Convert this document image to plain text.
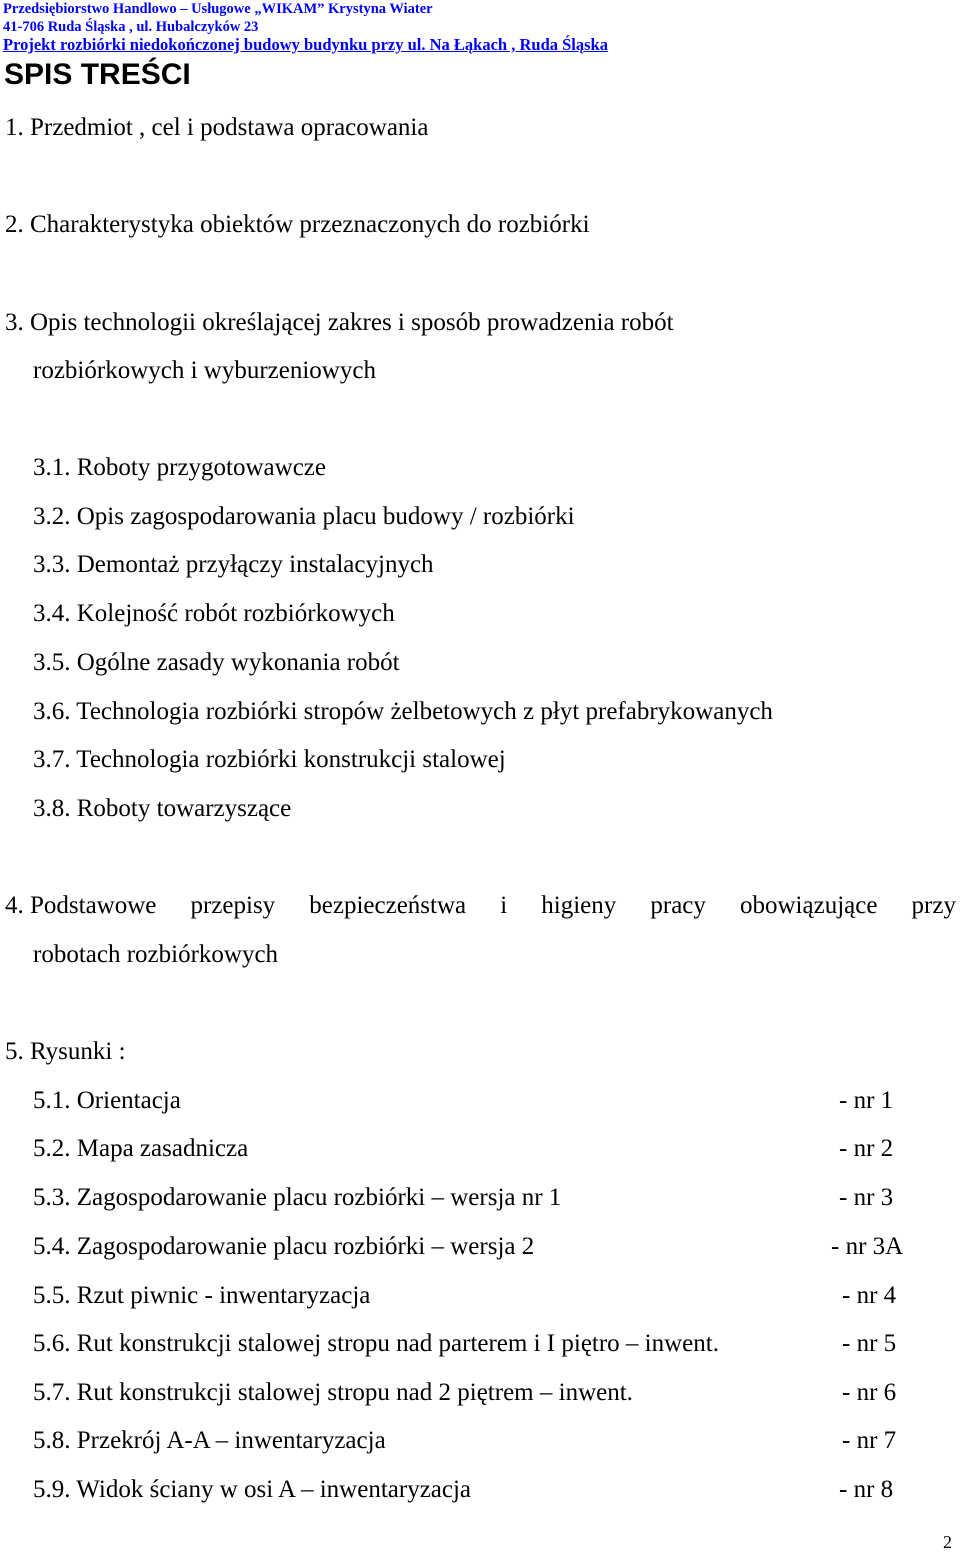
Przedsiębiorstwo Handlowo – Usługowe „WIKAM” Krystyna Wiater
41-706 Ruda Śląska , ul. Hubalczyków 23
Projekt rozbiórki niedokończonej budowy budynku przy ul. Na Łąkach , Ruda Śląska
SPIS TREŚCI
1. Przedmiot , cel i podstawa opracowania
2. Charakterystyka obiektów przeznaczonych do rozbiórki
3. Opis technologii określającej zakres i sposób prowadzenia robót
rozbiórkowych i wyburzeniowych
3.1. Roboty przygotowawcze
3.2. Opis zagospodarowania placu budowy / rozbiórki
3.3. Demontaż przyłączy instalacyjnych
3.4. Kolejność robót rozbiórkowych
3.5. Ogólne zasady wykonania robót
3.6. Technologia rozbiórki stropów żelbetowych z płyt prefabrykowanych
3.7. Technologia rozbiórki konstrukcji stalowej
3.8. Roboty towarzyszące
4. Podstawowe przepisy bezpieczeństwa i higieny pracy obowiązujące przy
robotach rozbiórkowych
5. Rysunki :
5.1. Orientacja	- nr 1
5.2. Mapa zasadnicza	- nr 2
5.3. Zagospodarowanie placu rozbiórki – wersja nr 1	- nr 3
5.4. Zagospodarowanie placu rozbiórki – wersja 2	- nr 3A
5.5. Rzut piwnic - inwentaryzacja	- nr 4
5.6. Rut konstrukcji stalowej stropu nad parterem i I piętro – inwent.	- nr 5
5.7. Rut konstrukcji stalowej stropu nad 2 piętrem – inwent.	- nr 6
5.8. Przekrój A-A – inwentaryzacja	- nr 7
5.9. Widok ściany w osi A – inwentaryzacja	- nr 8
2
